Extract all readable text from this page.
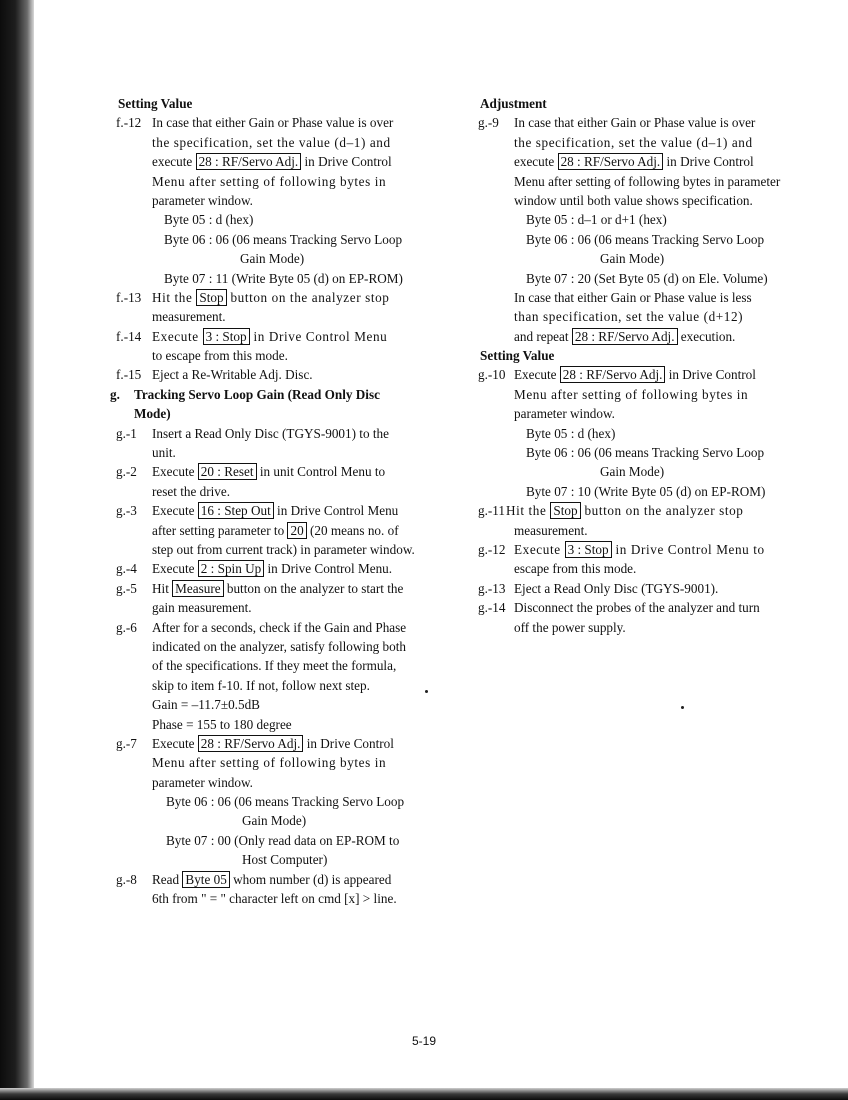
Setting Value
f.-12 In case that either Gain or Phase value is over
the specification, set the value (d–1) and
execute 28 : RF/Servo Adj. in Drive Control
Menu after setting of following bytes in
parameter window.
Byte 05 : d (hex)
Byte 06 : 06 (06 means Tracking Servo Loop
Gain Mode)
Byte 07 : 11 (Write Byte 05 (d) on EP-ROM)
f.-13 Hit the Stop button on the analyzer stop
measurement.
f.-14 Execute 3 : Stop in Drive Control Menu
to escape from this mode.
f.-15 Eject a Re-Writable Adj. Disc.
g. Tracking Servo Loop Gain (Read Only Disc
Mode)
g.-1 Insert a Read Only Disc (TGYS-9001) to the
unit.
g.-2 Execute 20 : Reset in unit Control Menu to
reset the drive.
g.-3 Execute 16 : Step Out in Drive Control Menu
after setting parameter to 20 (20 means no. of
step out from current track) in parameter window.
g.-4 Execute 2 : Spin Up in Drive Control Menu.
g.-5 Hit Measure button on the analyzer to start the
gain measurement.
g.-6 After for a seconds, check if the Gain and Phase
indicated on the analyzer, satisfy following both
of the specifications. If they meet the formula,
skip to item f-10. If not, follow next step.
Gain = –11.7±0.5dB
Phase = 155 to 180 degree
g.-7 Execute 28 : RF/Servo Adj. in Drive Control
Menu after setting of following bytes in
parameter window.
Byte 06 : 06 (06 means Tracking Servo Loop
Gain Mode)
Byte 07 : 00 (Only read data on EP-ROM to
Host Computer)
g.-8 Read Byte 05 whom number (d) is appeared
6th from " = " character left on cmd [x] > line.
Adjustment
g.-9 In case that either Gain or Phase value is over
the specification, set the value (d–1) and
execute 28 : RF/Servo Adj. in Drive Control
Menu after setting of following bytes in parameter
window until both value shows specification.
Byte 05 : d–1 or d+1 (hex)
Byte 06 : 06 (06 means Tracking Servo Loop
Gain Mode)
Byte 07 : 20 (Set Byte 05 (d) on Ele. Volume)
In case that either Gain or Phase value is less
than specification, set the value (d+12)
and repeat 28 : RF/Servo Adj. execution.
Setting Value
g.-10 Execute 28 : RF/Servo Adj. in Drive Control
Menu after setting of following bytes in
parameter window.
Byte 05 : d (hex)
Byte 06 : 06 (06 means Tracking Servo Loop
Gain Mode)
Byte 07 : 10 (Write Byte 05 (d) on EP-ROM)
g.-11 Hit the Stop button on the analyzer stop
measurement.
g.-12 Execute 3 : Stop in Drive Control Menu to
escape from this mode.
g.-13 Eject a Read Only Disc (TGYS-9001).
g.-14 Disconnect the probes of the analyzer and turn
off the power supply.
5-19
